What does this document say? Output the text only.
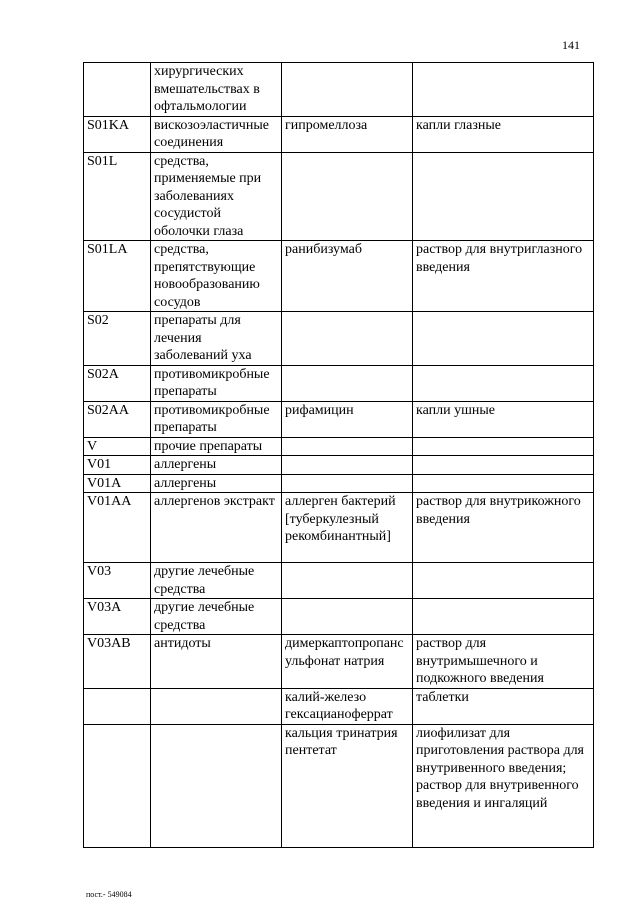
141
	хирургических вмешательствах в офтальмологии		
S01KA	вискозоэластичные соединения	гипромеллоза	капли глазные
S01L	средства, применяемые при заболеваниях сосудистой оболочки глаза		
S01LA	средства, препятствующие новообразованию сосудов	ранибизумаб	раствор для внутриглазного введения
S02	препараты для лечения заболеваний уха		
S02A	противомикробные препараты		
S02AA	противомикробные препараты	рифамицин	капли ушные
V	прочие препараты		
V01	аллергены		
V01A	аллергены		
V01AA	аллергенов экстракт	аллерген бактерий [туберкулезный рекомбинантный]	раствор для внутрикожного введения
V03	другие лечебные средства		
V03A	другие лечебные средства		
V03AB	антидоты	димеркаптопропансульфонат натрия	раствор для внутримышечного и подкожного введения
		калий-железо гексацианоферрат	таблетки
		кальция тринатрия пентетат	лиофилизат для приготовления раствора для внутривенного введения; раствор для внутривенного введения и ингаляций
пост.- 549084
